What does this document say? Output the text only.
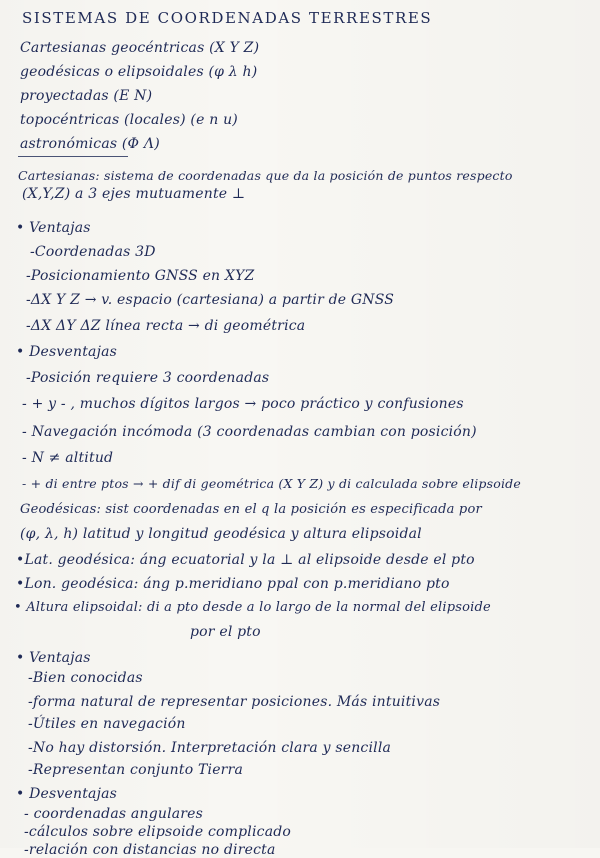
SISTEMAS DE COORDENADAS TERRESTRES
Cartesianas geocéntricas (X Y Z)
geodésicas o elipsoidales (φ λ h)
proyectadas (E N)
topocéntricas (locales) (e n u)
astronómicas (Φ Λ)
Cartesianas: sistema de coordenadas que da la posición de puntos respecto
(X,Y,Z) a 3 ejes mutuamente ⊥
• Ventajas
-Coordenadas 3D
-Posicionamiento GNSS en XYZ
-ΔX Y Z → v. espacio (cartesiana) a partir de GNSS
-ΔX ΔY ΔZ línea recta → di geométrica
• Desventajas
-Posición requiere 3 coordenadas
- + y - , muchos dígitos largos → poco práctico y confusiones
- Navegación incómoda (3 coordenadas cambian con posición)
- N ≠ altitud
- + di entre ptos → + dif di geométrica (X Y Z) y di calculada sobre elipsoide
Geodésicas: sist coordenadas en el q la posición es especificada por
(φ, λ, h) latitud y longitud geodésica y altura elipsoidal
•Lat. geodésica: áng ecuatorial y la ⊥ al elipsoide desde el pto
•Lon. geodésica: áng p.meridiano ppal con p.meridiano pto
• Altura elipsoidal: di a pto desde a lo largo de la normal del elipsoide
por el pto
• Ventajas
-Bien conocidas
-forma natural de representar posiciones. Más intuitivas
-Útiles en navegación
-No hay distorsión. Interpretación clara y sencilla
-Representan conjunto Tierra
• Desventajas
- coordenadas angulares
-cálculos sobre elipsoide complicado
-relación con distancias no directa
